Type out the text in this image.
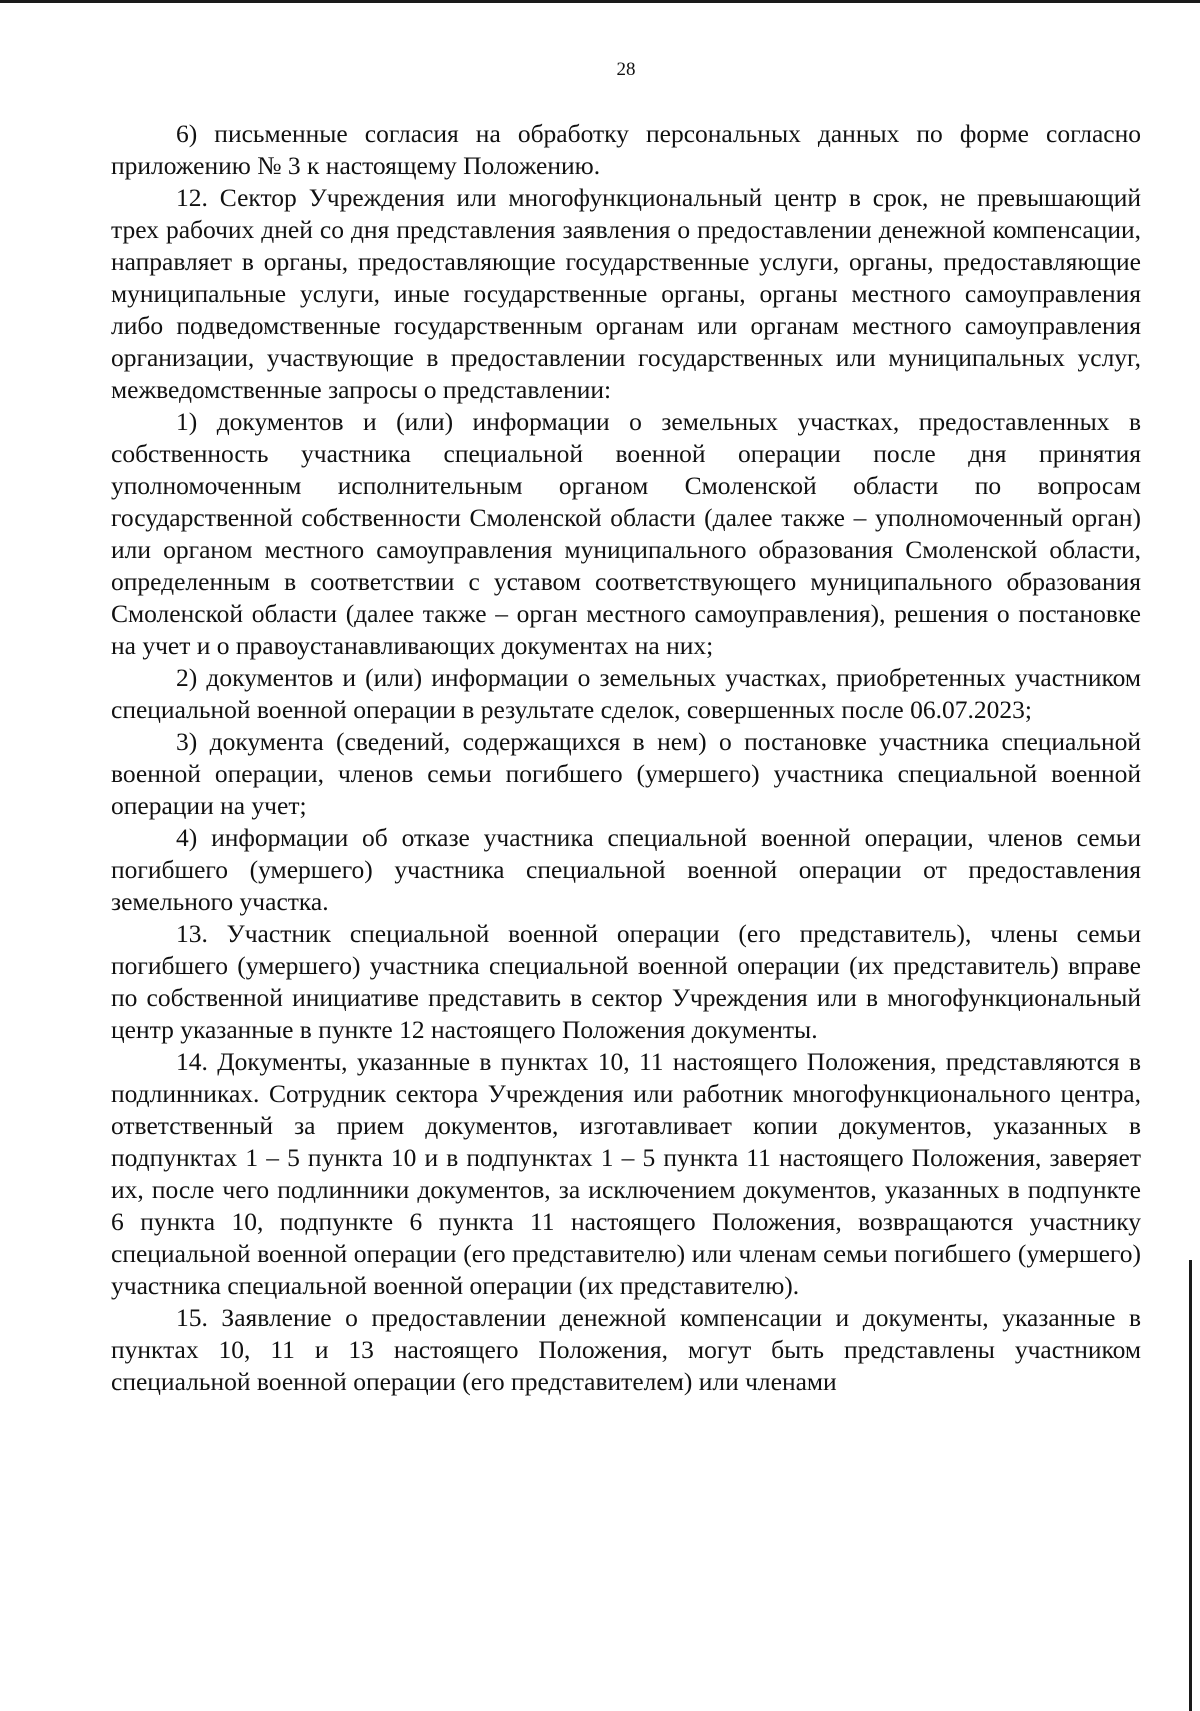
28

6) письменные согласия на обработку персональных данных по форме согласно приложению № 3 к настоящему Положению.

12. Сектор Учреждения или многофункциональный центр в срок, не превышающий трех рабочих дней со дня представления заявления о предоставлении денежной компенсации, направляет в органы, предоставляющие государственные услуги, органы, предоставляющие муниципальные услуги, иные государственные органы, органы местного самоуправления либо подведомственные государственным органам или органам местного самоуправления организации, участвующие в предоставлении государственных или муниципальных услуг, межведомственные запросы о представлении:

1) документов и (или) информации о земельных участках, предоставленных в собственность участника специальной военной операции после дня принятия уполномоченным исполнительным органом Смоленской области по вопросам государственной собственности Смоленской области (далее также – уполномоченный орган) или органом местного самоуправления муниципального образования Смоленской области, определенным в соответствии с уставом соответствующего муниципального образования Смоленской области (далее также – орган местного самоуправления), решения о постановке на учет и о правоустанавливающих документах на них;

2) документов и (или) информации о земельных участках, приобретенных участником специальной военной операции в результате сделок, совершенных после 06.07.2023;

3) документа (сведений, содержащихся в нем) о постановке участника специальной военной операции, членов семьи погибшего (умершего) участника специальной военной операции на учет;

4) информации об отказе участника специальной военной операции, членов семьи погибшего (умершего) участника специальной военной операции от предоставления земельного участка.

13. Участник специальной военной операции (его представитель), члены семьи погибшего (умершего) участника специальной военной операции (их представитель) вправе по собственной инициативе представить в сектор Учреждения или в многофункциональный центр указанные в пункте 12 настоящего Положения документы.

14. Документы, указанные в пунктах 10, 11 настоящего Положения, представляются в подлинниках. Сотрудник сектора Учреждения или работник многофункционального центра, ответственный за прием документов, изготавливает копии документов, указанных в подпунктах 1 – 5 пункта 10 и в подпунктах 1 – 5 пункта 11 настоящего Положения, заверяет их, после чего подлинники документов, за исключением документов, указанных в подпункте 6 пункта 10, подпункте 6 пункта 11 настоящего Положения, возвращаются участнику специальной военной операции (его представителю) или членам семьи погибшего (умершего) участника специальной военной операции (их представителю).

15. Заявление о предоставлении денежной компенсации и документы, указанные в пунктах 10, 11 и 13 настоящего Положения, могут быть представлены участником специальной военной операции (его представителем) или членами
